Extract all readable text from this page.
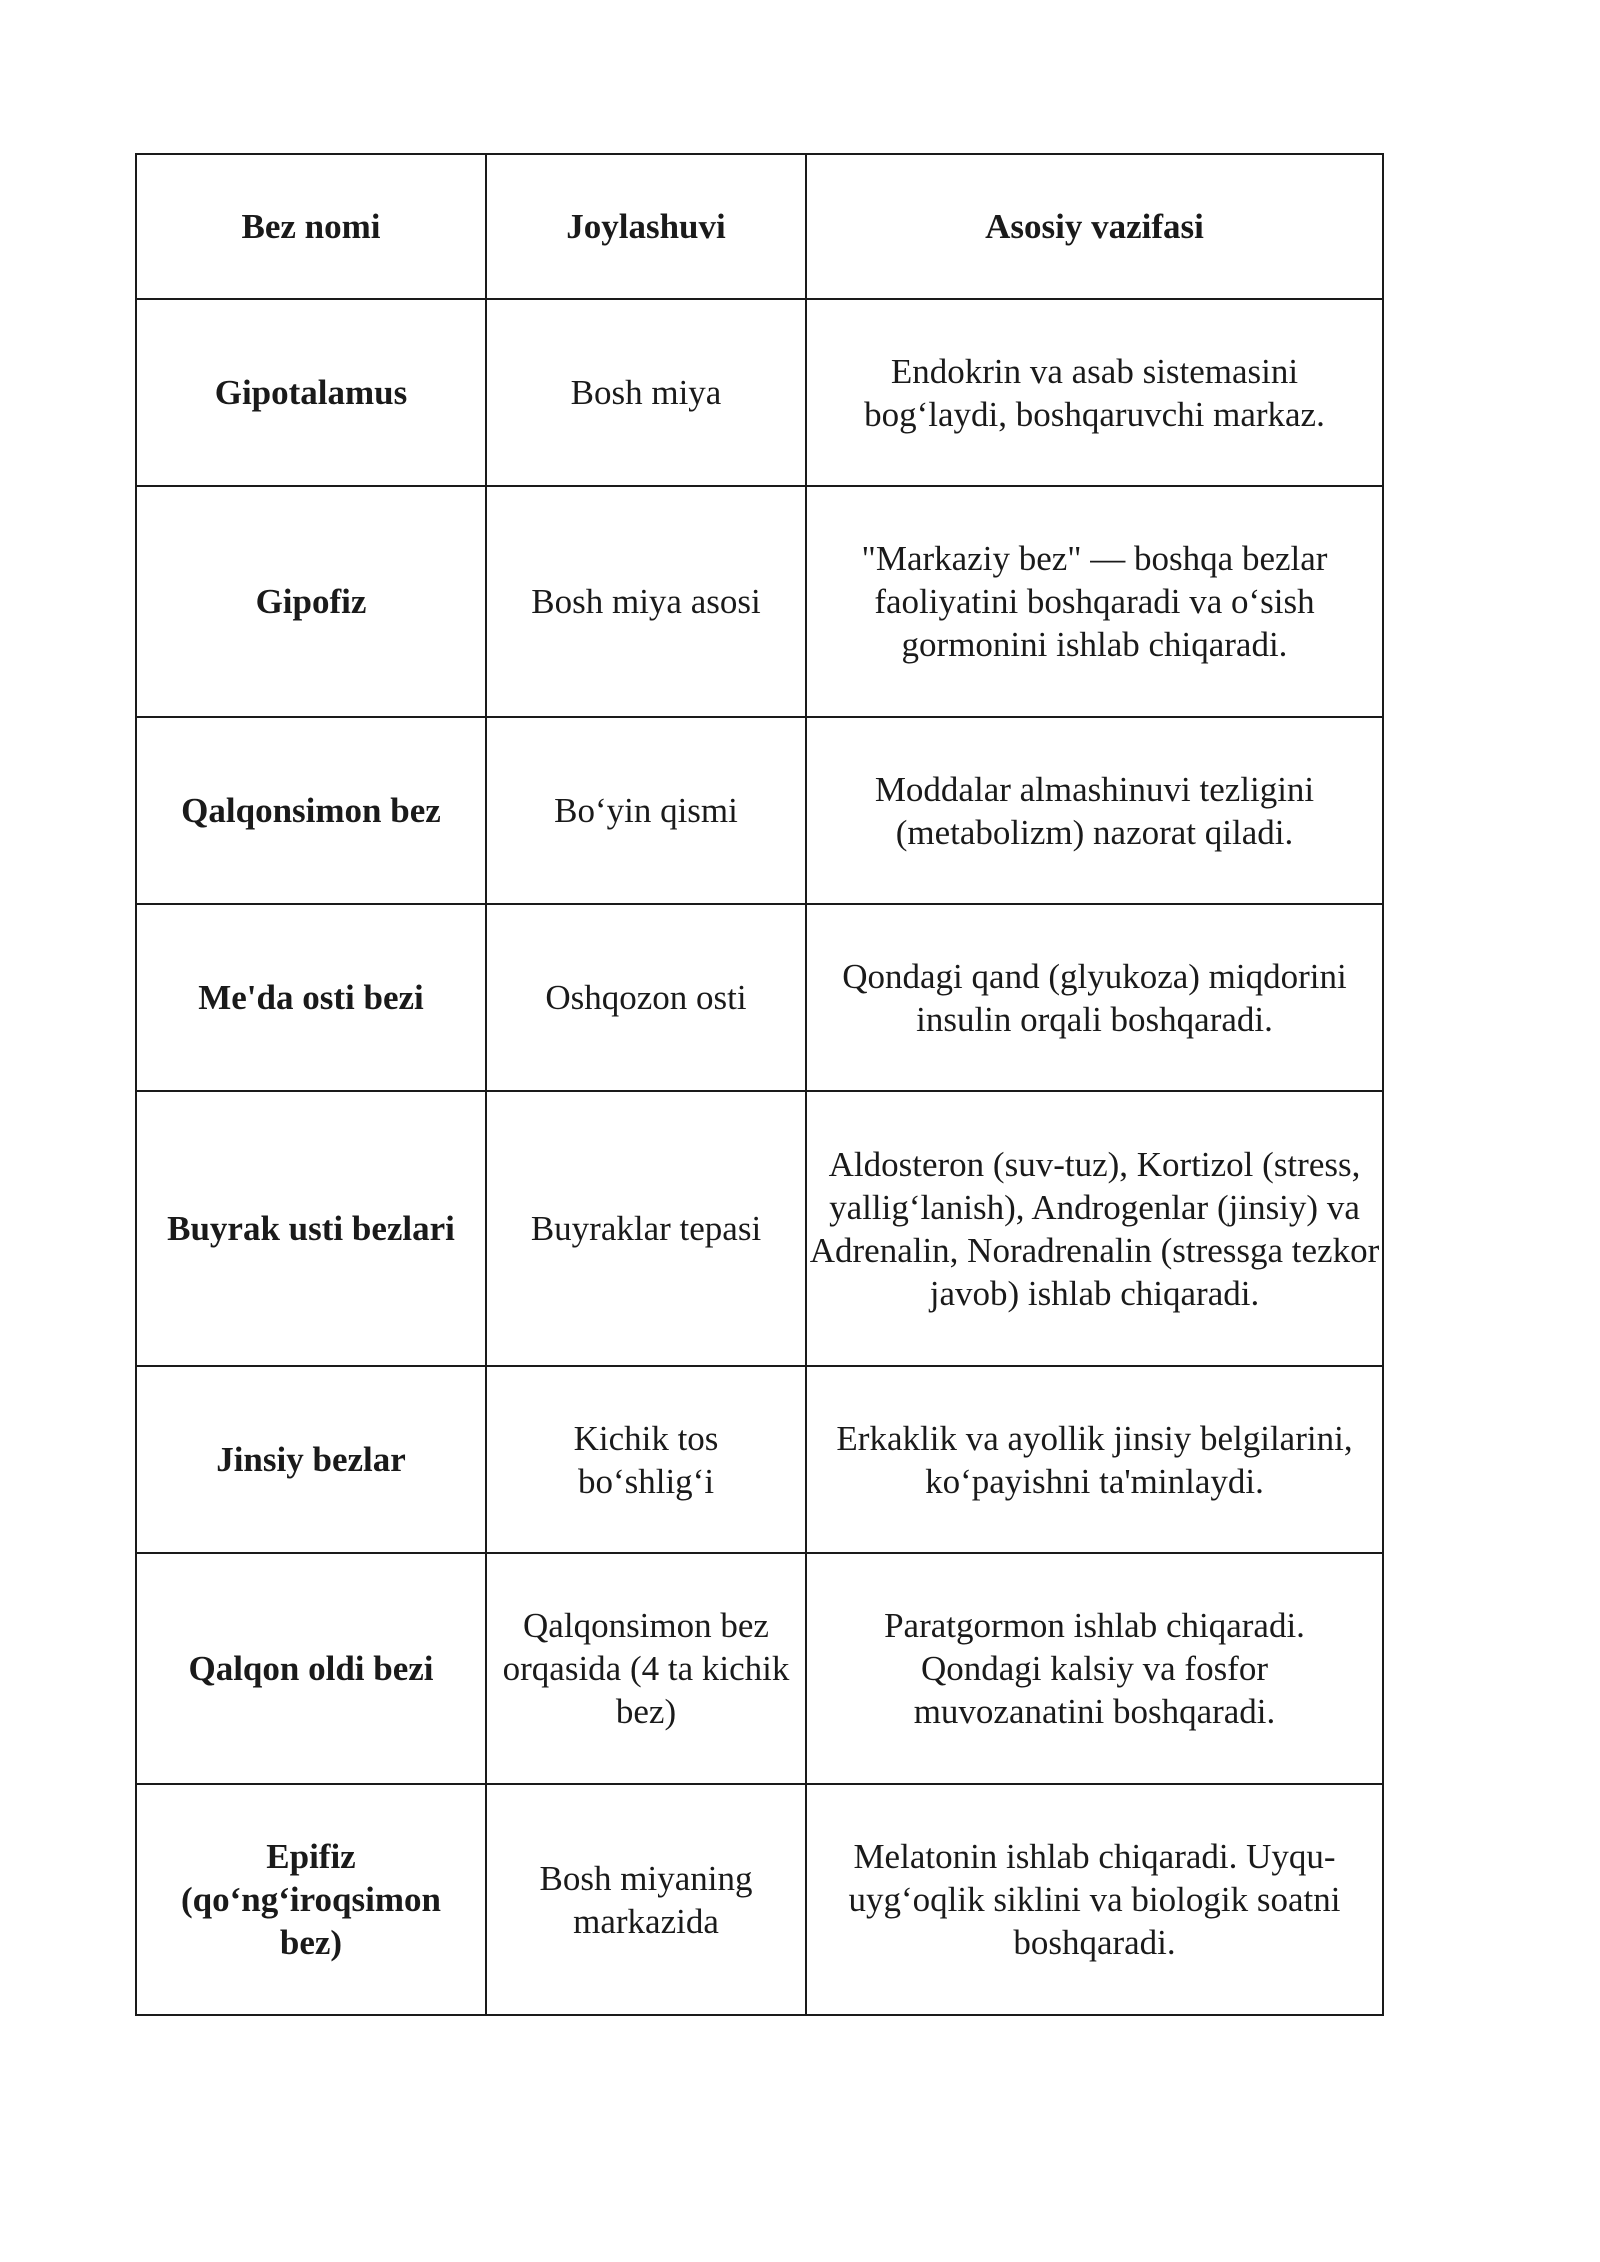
Bez nomi	Joylashuvi	Asosiy vazifasi
Gipotalamus	Bosh miya	Endokrin va asab sistemasini bog‘laydi, boshqaruvchi markaz.
Gipofiz	Bosh miya asosi	"Markaziy bez" — boshqa bezlar faoliyatini boshqaradi va o‘sish gormonini ishlab chiqaradi.
Qalqonsimon bez	Bo‘yin qismi	Moddalar almashinuvi tezligini (metabolizm) nazorat qiladi.
Me'da osti bezi	Oshqozon osti	Qondagi qand (glyukoza) miqdorini insulin orqali boshqaradi.
Buyrak usti bezlari	Buyraklar tepasi	Aldosteron (suv-tuz), Kortizol (stress, yallig‘lanish), Androgenlar (jinsiy) va Adrenalin, Noradrenalin (stressga tezkor javob) ishlab chiqaradi.
Jinsiy bezlar	Kichik tos bo‘shlig‘i	Erkaklik va ayollik jinsiy belgilarini, ko‘payishni ta'minlaydi.
Qalqon oldi bezi	Qalqonsimon bez orqasida (4 ta kichik bez)	Paratgormon ishlab chiqaradi. Qondagi kalsiy va fosfor muvozanatini boshqaradi.
Epifiz (qo‘ng‘iroqsimon bez)	Bosh miyaning markazida	Melatonin ishlab chiqaradi. Uyqu-uyg‘oqlik siklini va biologik soatni boshqaradi.
